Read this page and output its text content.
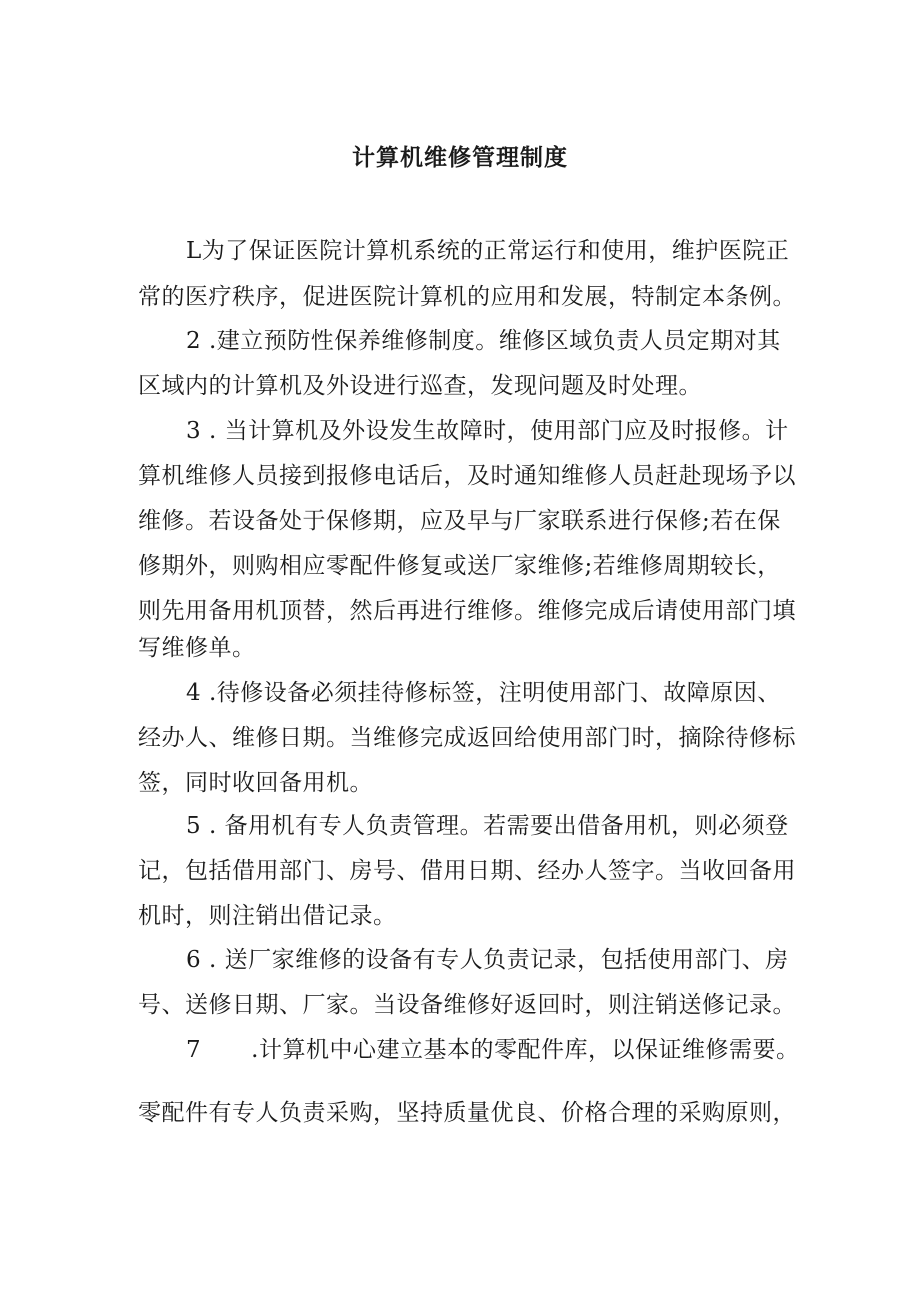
计算机维修管理制度
L为了保证医院计算机系统的正常运行和使用，维护医院正
常的医疗秩序，促进医院计算机的应用和发展，特制定本条例。
2 .建立预防性保养维修制度。维修区域负责人员定期对其
区域内的计算机及外设进行巡查，发现问题及时处理。
3 . 当计算机及外设发生故障时，使用部门应及时报修。计
算机维修人员接到报修电话后，及时通知维修人员赶赴现场予以
维修。若设备处于保修期，应及早与厂家联系进行保修;若在保
修期外，则购相应零配件修复或送厂家维修;若维修周期较长，
则先用备用机顶替，然后再进行维修。维修完成后请使用部门填
写维修单。
4 .待修设备必须挂待修标签，注明使用部门、故障原因、
经办人、维修日期。当维修完成返回给使用部门时，摘除待修标
签，同时收回备用机。
5 . 备用机有专人负责管理。若需要出借备用机，则必须登
记，包括借用部门、房号、借用日期、经办人签字。当收回备用
机时，则注销出借记录。
6 . 送厂家维修的设备有专人负责记录，包括使用部门、房
号、送修日期、厂家。当设备维修好返回时，则注销送修记录。
7 .计算机中心建立基本的零配件库，以保证维修需要。
零配件有专人负责采购，坚持质量优良、价格合理的采购原则，
